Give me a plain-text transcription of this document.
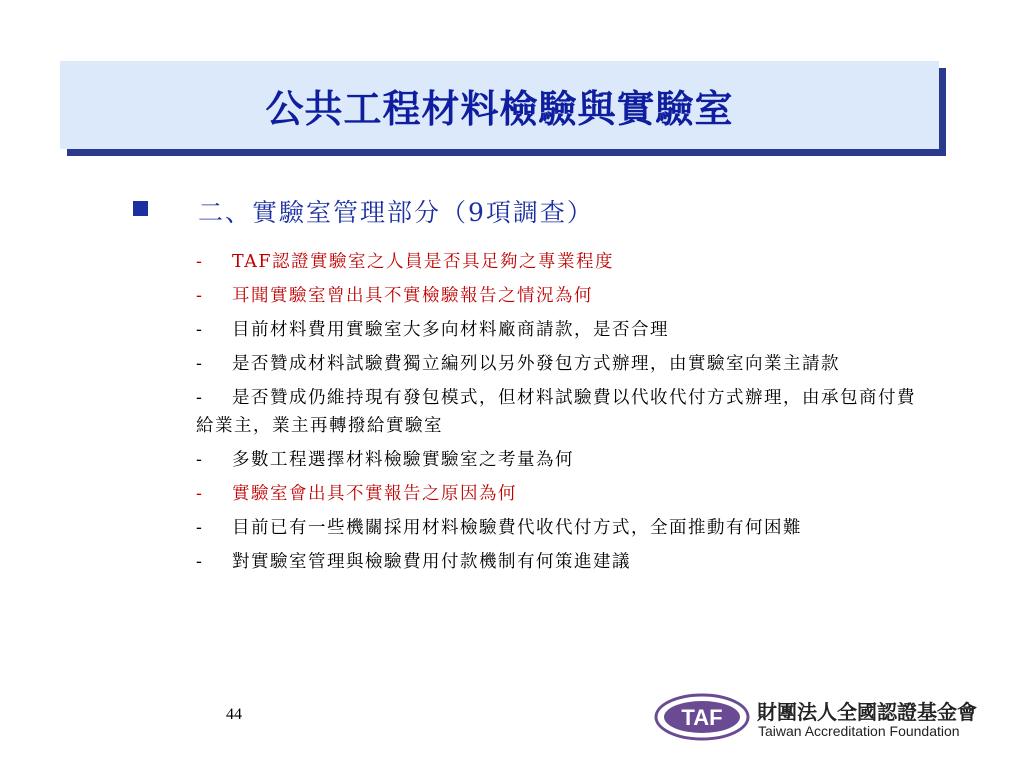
公共工程材料檢驗與實驗室
二、實驗室管理部分（9項調查）
- TAF認證實驗室之人員是否具足夠之專業程度
- 耳聞實驗室曾出具不實檢驗報告之情況為何
- 目前材料費用實驗室大多向材料廠商請款，是否合理
- 是否贊成材料試驗費獨立編列以另外發包方式辦理，由實驗室向業主請款
- 是否贊成仍維持現有發包模式，但材料試驗費以代收代付方式辦理，由承包商付費給業主，業主再轉撥給實驗室
- 多數工程選擇材料檢驗實驗室之考量為何
- 實驗室會出具不實報告之原因為何
- 目前已有一些機關採用材料檢驗費代收代付方式，全面推動有何困難
- 對實驗室管理與檢驗費用付款機制有何策進建議
44	TAF 財團法人全國認證基金會
Taiwan Accreditation Foundation
